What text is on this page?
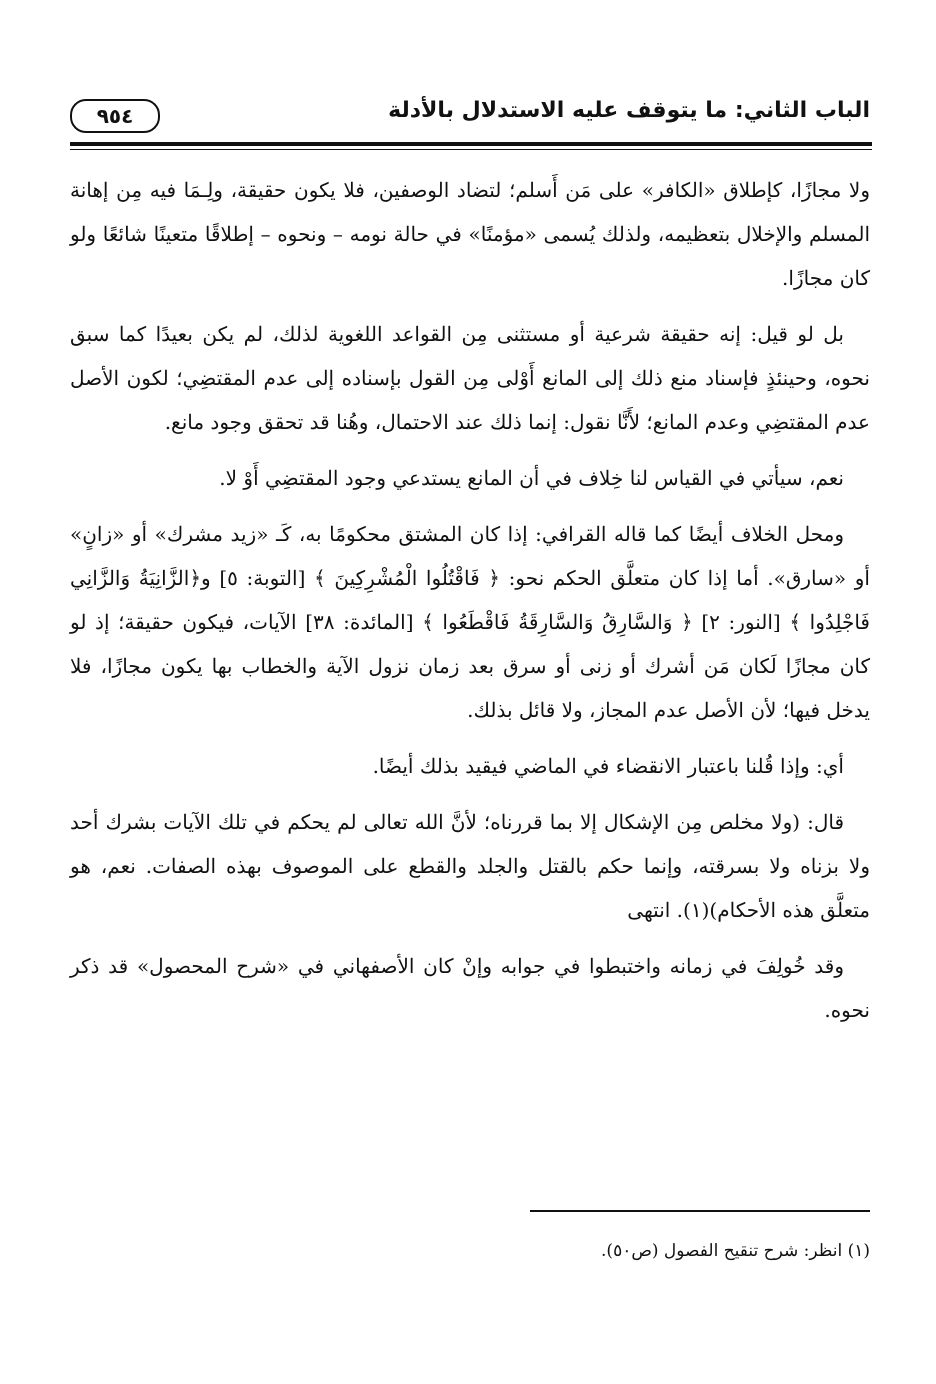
الباب الثاني: ما يتوقف عليه الاستدلال بالأدلة
٩٥٤

ولا مجازًا، كإطلاق «الكافر» على مَن أَسلم؛ لتضاد الوصفين، فلا يكون حقيقة، ولِـمَا فيه مِن إهانة المسلم والإخلال بتعظيمه، ولذلك يُسمى «مؤمنًا» في حالة نومه – ونحوه – إطلاقًا متعينًا شائعًا ولو كان مجازًا.

بل لو قيل: إنه حقيقة شرعية أو مستثنى مِن القواعد اللغوية لذلك، لم يكن بعيدًا كما سبق نحوه، وحينئذٍ فإسناد منع ذلك إلى المانع أَوْلى مِن القول بإسناده إلى عدم المقتضِي؛ لكون الأصل عدم المقتضِي وعدم المانع؛ لأَنَّا نقول: إنما ذلك عند الاحتمال، وهُنا قد تحقق وجود مانع.

نعم، سيأتي في القياس لنا خِلاف في أن المانع يستدعي وجود المقتضِي أَوْ لا.

ومحل الخلاف أيضًا كما قاله القرافي: إذا كان المشتق محكومًا به، كَـ «زيد مشرك» أو «زانٍ» أو «سارق». أما إذا كان متعلَّق الحكم نحو: ﴿ فَاقْتُلُوا الْمُشْرِكِينَ ﴾ [التوبة: ٥] و﴿الزَّانِيَةُ وَالزَّانِي فَاجْلِدُوا ﴾ [النور: ٢] ﴿ وَالسَّارِقُ وَالسَّارِقَةُ فَاقْطَعُوا ﴾ [المائدة: ٣٨] الآيات، فيكون حقيقة؛ إذ لو كان مجازًا لَكان مَن أشرك أو زنى أو سرق بعد زمان نزول الآية والخطاب بها يكون مجازًا، فلا يدخل فيها؛ لأن الأصل عدم المجاز، ولا قائل بذلك.

أي: وإذا قُلنا باعتبار الانقضاء في الماضي فيقيد بذلك أيضًا.

قال: (ولا مخلص مِن الإشكال إلا بما قررناه؛ لأنَّ الله تعالى لم يحكم في تلك الآيات بشرك أحد ولا بزناه ولا بسرقته، وإنما حكم بالقتل والجلد والقطع على الموصوف بهذه الصفات. نعم، هو متعلَّق هذه الأحكام)(١). انتهى

وقد خُولِفَ في زمانه واختبطوا في جوابه وإنْ كان الأصفهاني في «شرح المحصول» قد ذكر نحوه.

(١) انظر: شرح تنقيح الفصول (ص٥٠).
